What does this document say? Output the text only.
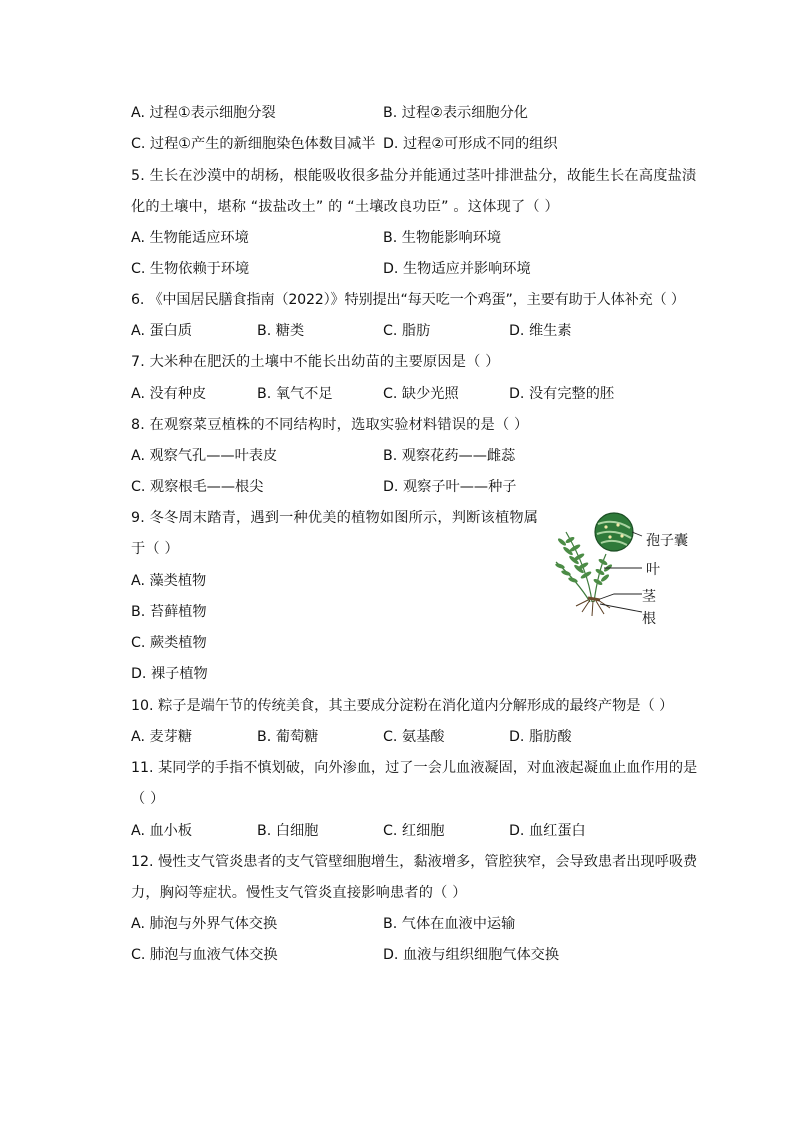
A. 过程①表示细胞分裂	B. 过程②表示细胞分化
C. 过程①产生的新细胞染色体数目减半 D. 过程②可形成不同的组织
5. 生长在沙漠中的胡杨，根能吸收很多盐分并能通过茎叶排泄盐分，故能生长在高度盐渍
化的土壤中，堪称 “拔盐改土” 的 “土壤改良功臣” 。这体现了（ ）
A. 生物能适应环境	B. 生物能影响环境
C. 生物依赖于环境	D. 生物适应并影响环境
6. 《中国居民膳食指南（2022）》特别提出“每天吃一个鸡蛋”，主要有助于人体补充（ ）
A. 蛋白质	B. 糖类	C. 脂肪	D. 维生素
7. 大米种在肥沃的土壤中不能长出幼苗的主要原因是（ ）
A. 没有种皮	B. 氧气不足	C. 缺少光照	D. 没有完整的胚
8. 在观察菜豆植株的不同结构时，选取实验材料错误的是（ ）
A. 观察气孔——叶表皮	B. 观察花药——雌蕊
C. 观察根毛——根尖	D. 观察子叶——种子
9. 冬冬周末踏青，遇到一种优美的植物如图所示，判断该植物属
于（ ）
A. 藻类植物
B. 苔藓植物
C. 蕨类植物
D. 裸子植物
孢子囊
叶
茎
根
10. 粽子是端午节的传统美食，其主要成分淀粉在消化道内分解形成的最终产物是（ ）
A. 麦芽糖	B. 葡萄糖	C. 氨基酸	D. 脂肪酸
11. 某同学的手指不慎划破，向外渗血，过了一会儿血液凝固，对血液起凝血止血作用的是
（ ）
A. 血小板	B. 白细胞	C. 红细胞	D. 血红蛋白
12. 慢性支气管炎患者的支气管壁细胞增生，黏液增多，管腔狭窄，会导致患者出现呼吸费
力，胸闷等症状。慢性支气管炎直接影响患者的（ ）
A. 肺泡与外界气体交换	B. 气体在血液中运输
C. 肺泡与血液气体交换	D. 血液与组织细胞气体交换
